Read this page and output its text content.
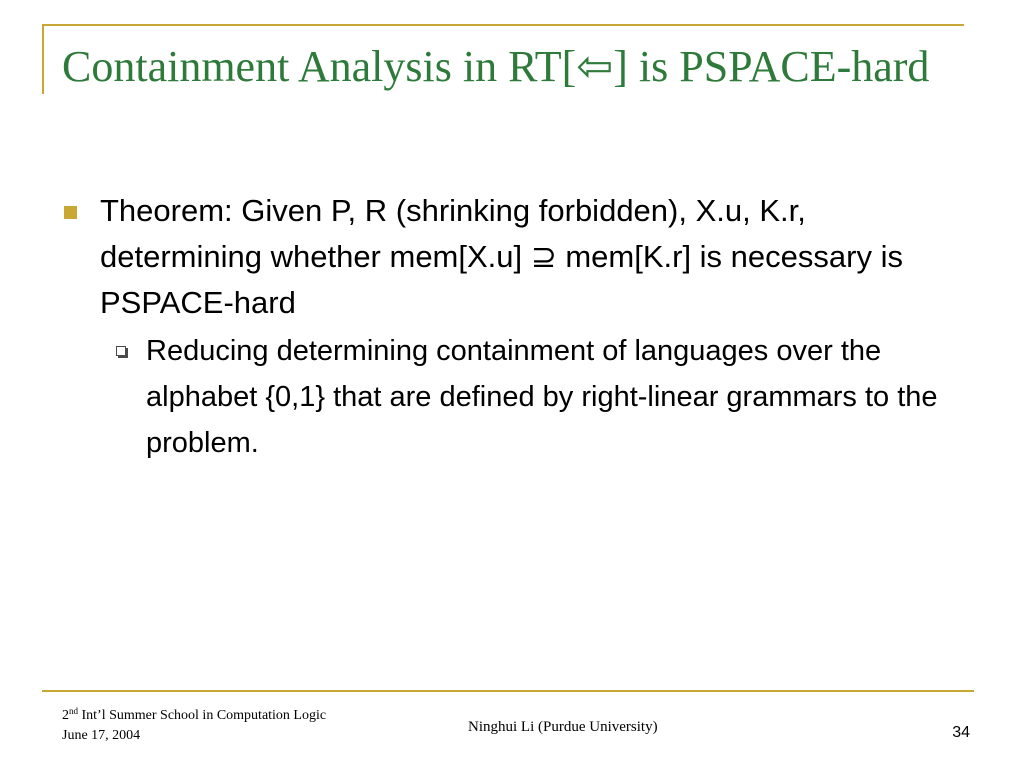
Containment Analysis in RT[⇦] is PSPACE-hard
Theorem: Given P, R (shrinking forbidden), X.u, K.r, determining whether mem[X.u] ⊇ mem[K.r] is necessary is PSPACE-hard
Reducing determining containment of languages over the alphabet {0,1} that are defined by right-linear grammars to the problem.
2nd Int’l Summer School in Computation Logic
June 17, 2004
Ninghui Li (Purdue University)	34
